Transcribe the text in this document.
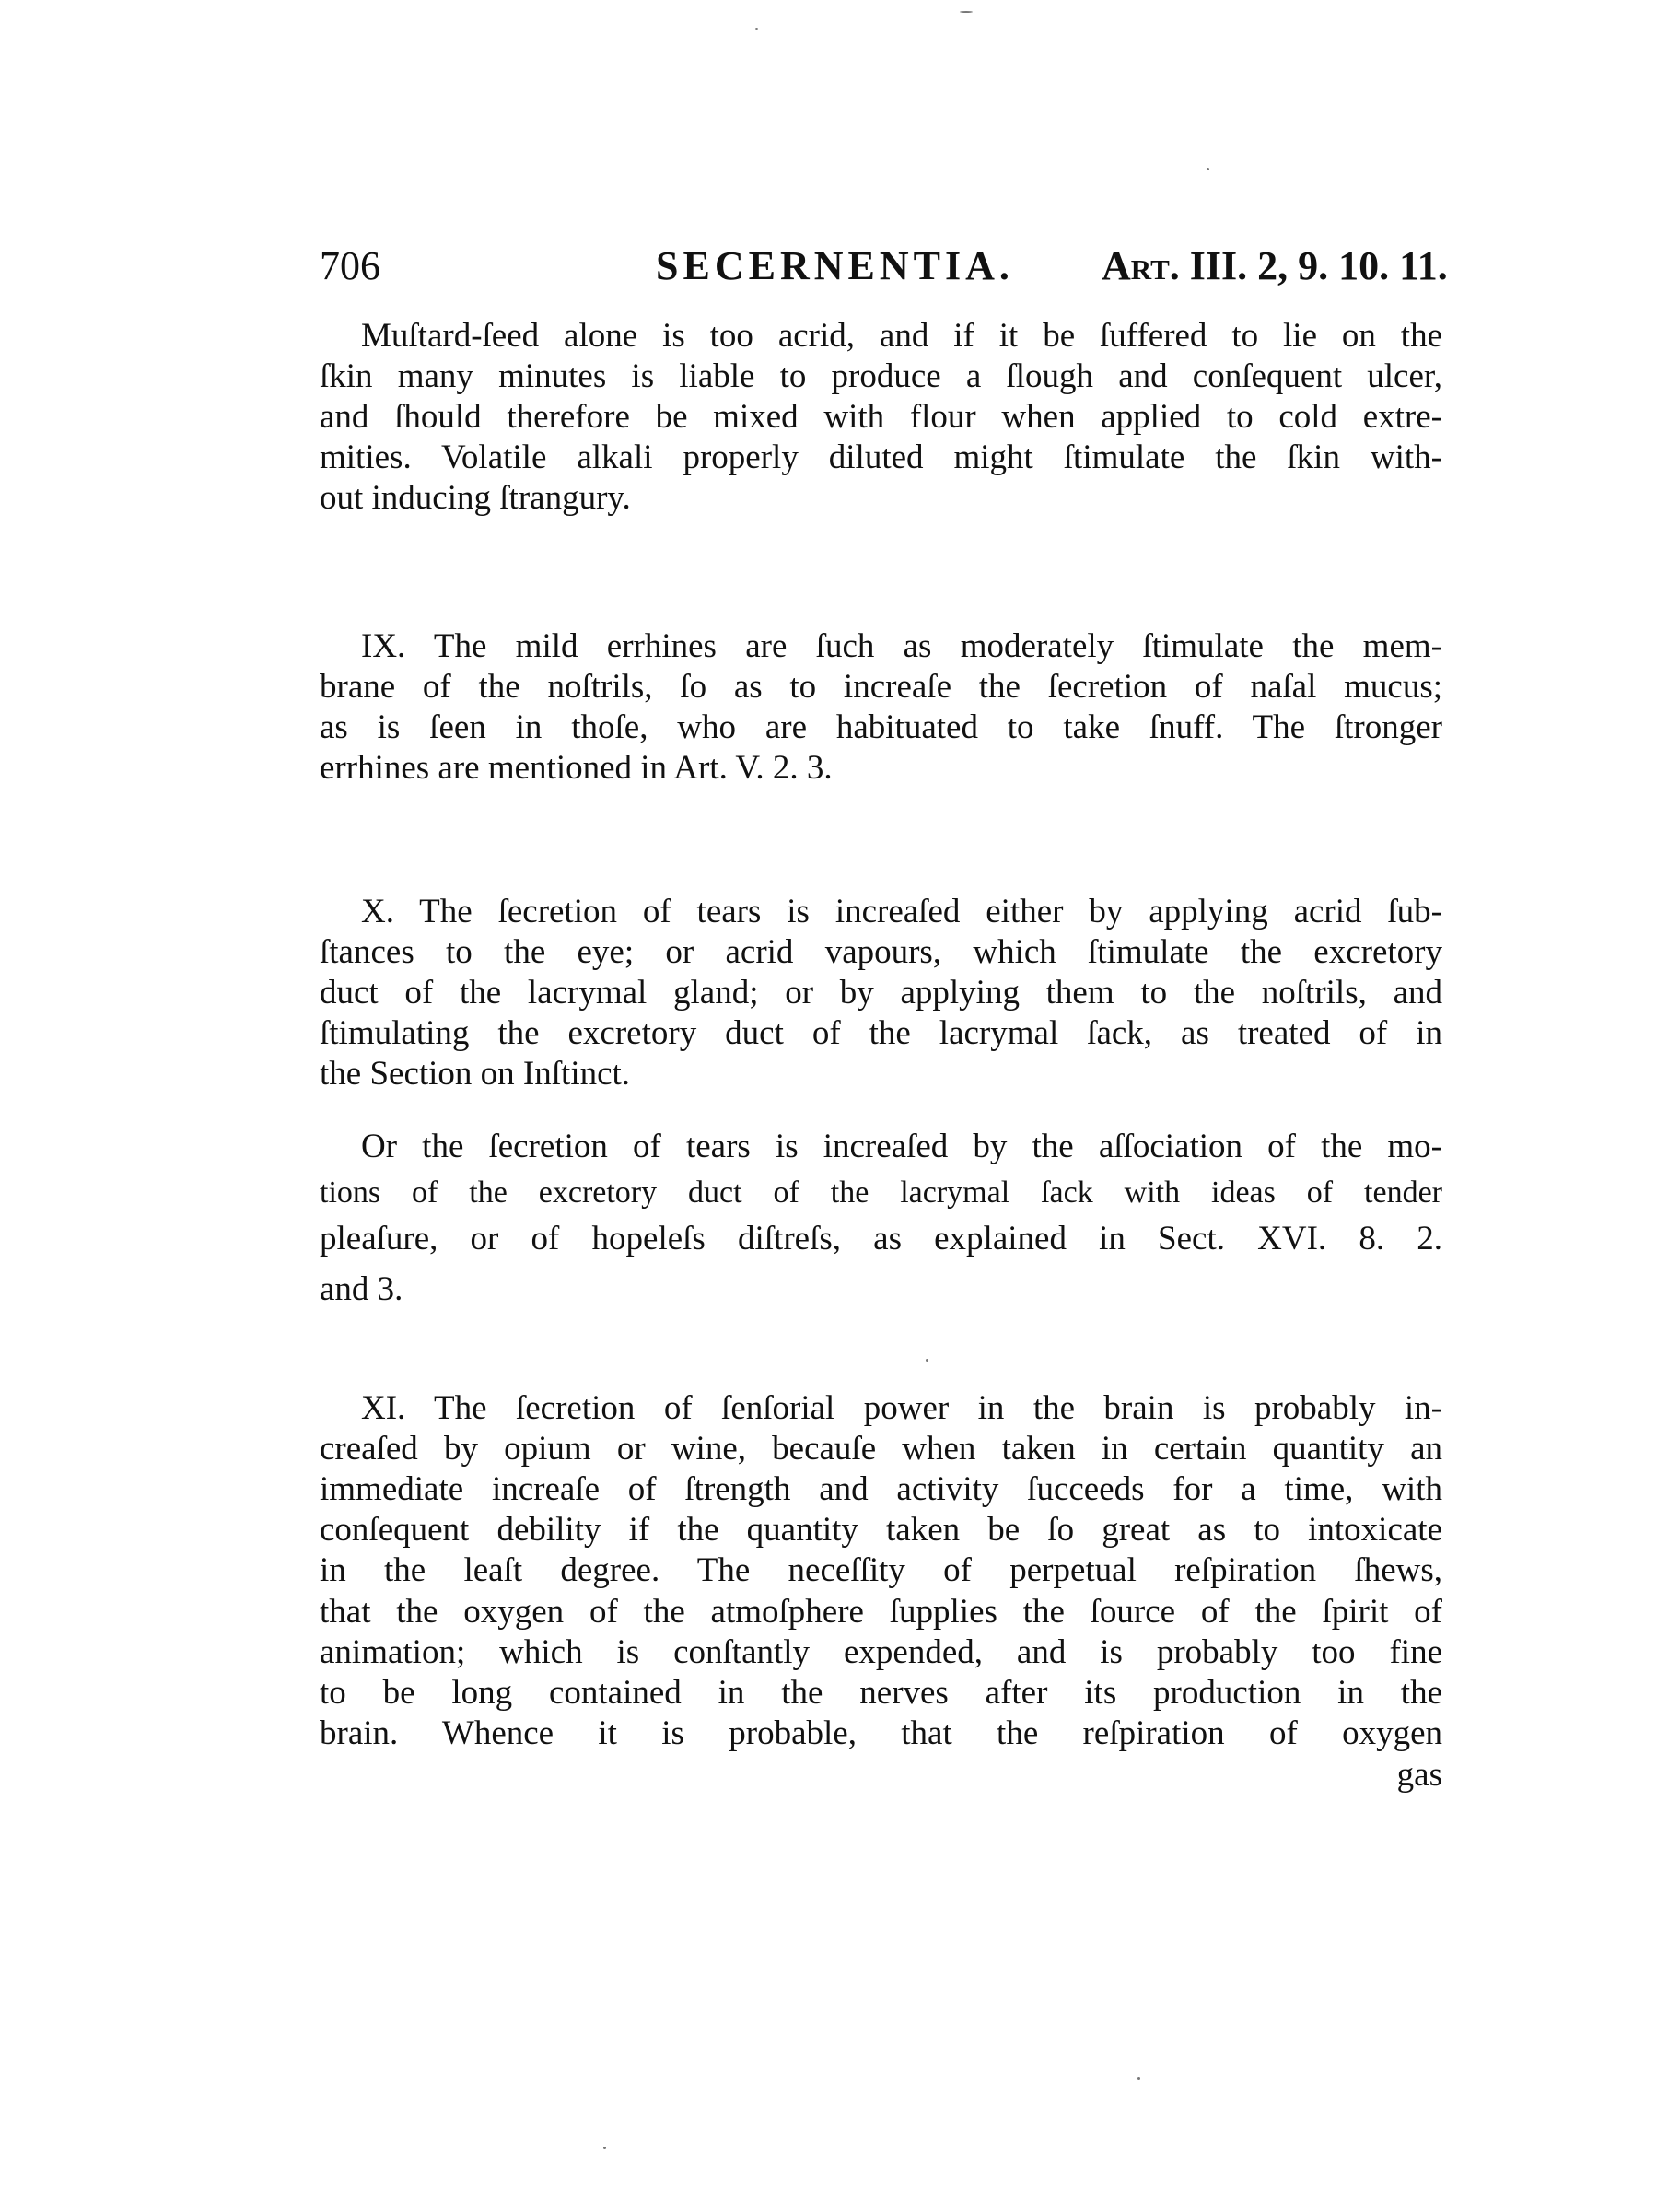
706	SECERNENTIA. Art. III. 2, 9. 10. 11.
Muſtard-ſeed alone is too acrid, and if it be ſuffered to lie on the
ſkin many minutes is liable to produce a ſlough and conſequent ulcer,
and ſhould therefore be mixed with flour when applied to cold extre-
mities. Volatile alkali properly diluted might ſtimulate the ſkin with-
out inducing ſtrangury.
IX. The mild errhines are ſuch as moderately ſtimulate the mem-
brane of the noſtrils, ſo as to increaſe the ſecretion of naſal mucus;
as is ſeen in thoſe, who are habituated to take ſnuff. The ſtronger
errhines are mentioned in Art. V. 2. 3.
X. The ſecretion of tears is increaſed either by applying acrid ſub-
ſtances to the eye; or acrid vapours, which ſtimulate the excretory
duct of the lacrymal gland; or by applying them to the noſtrils, and
ſtimulating the excretory duct of the lacrymal ſack, as treated of in
the Section on Inſtinct.
Or the ſecretion of tears is increaſed by the aſſociation of the mo-
tions of the excretory duct of the lacrymal ſack with ideas of tender
pleaſure, or of hopeleſs diſtreſs, as explained in Sect. XVI. 8. 2.
and 3.
XI. The ſecretion of ſenſorial power in the brain is probably in-
creaſed by opium or wine, becauſe when taken in certain quantity an
immediate increaſe of ſtrength and activity ſucceeds for a time, with
conſequent debility if the quantity taken be ſo great as to intoxicate
in the leaſt degree. The neceſſity of perpetual reſpiration ſhews,
that the oxygen of the atmoſphere ſupplies the ſource of the ſpirit of
animation; which is conſtantly expended, and is probably too fine
to be long contained in the nerves after its production in the
brain. Whence it is probable, that the reſpiration of oxygen
gas
